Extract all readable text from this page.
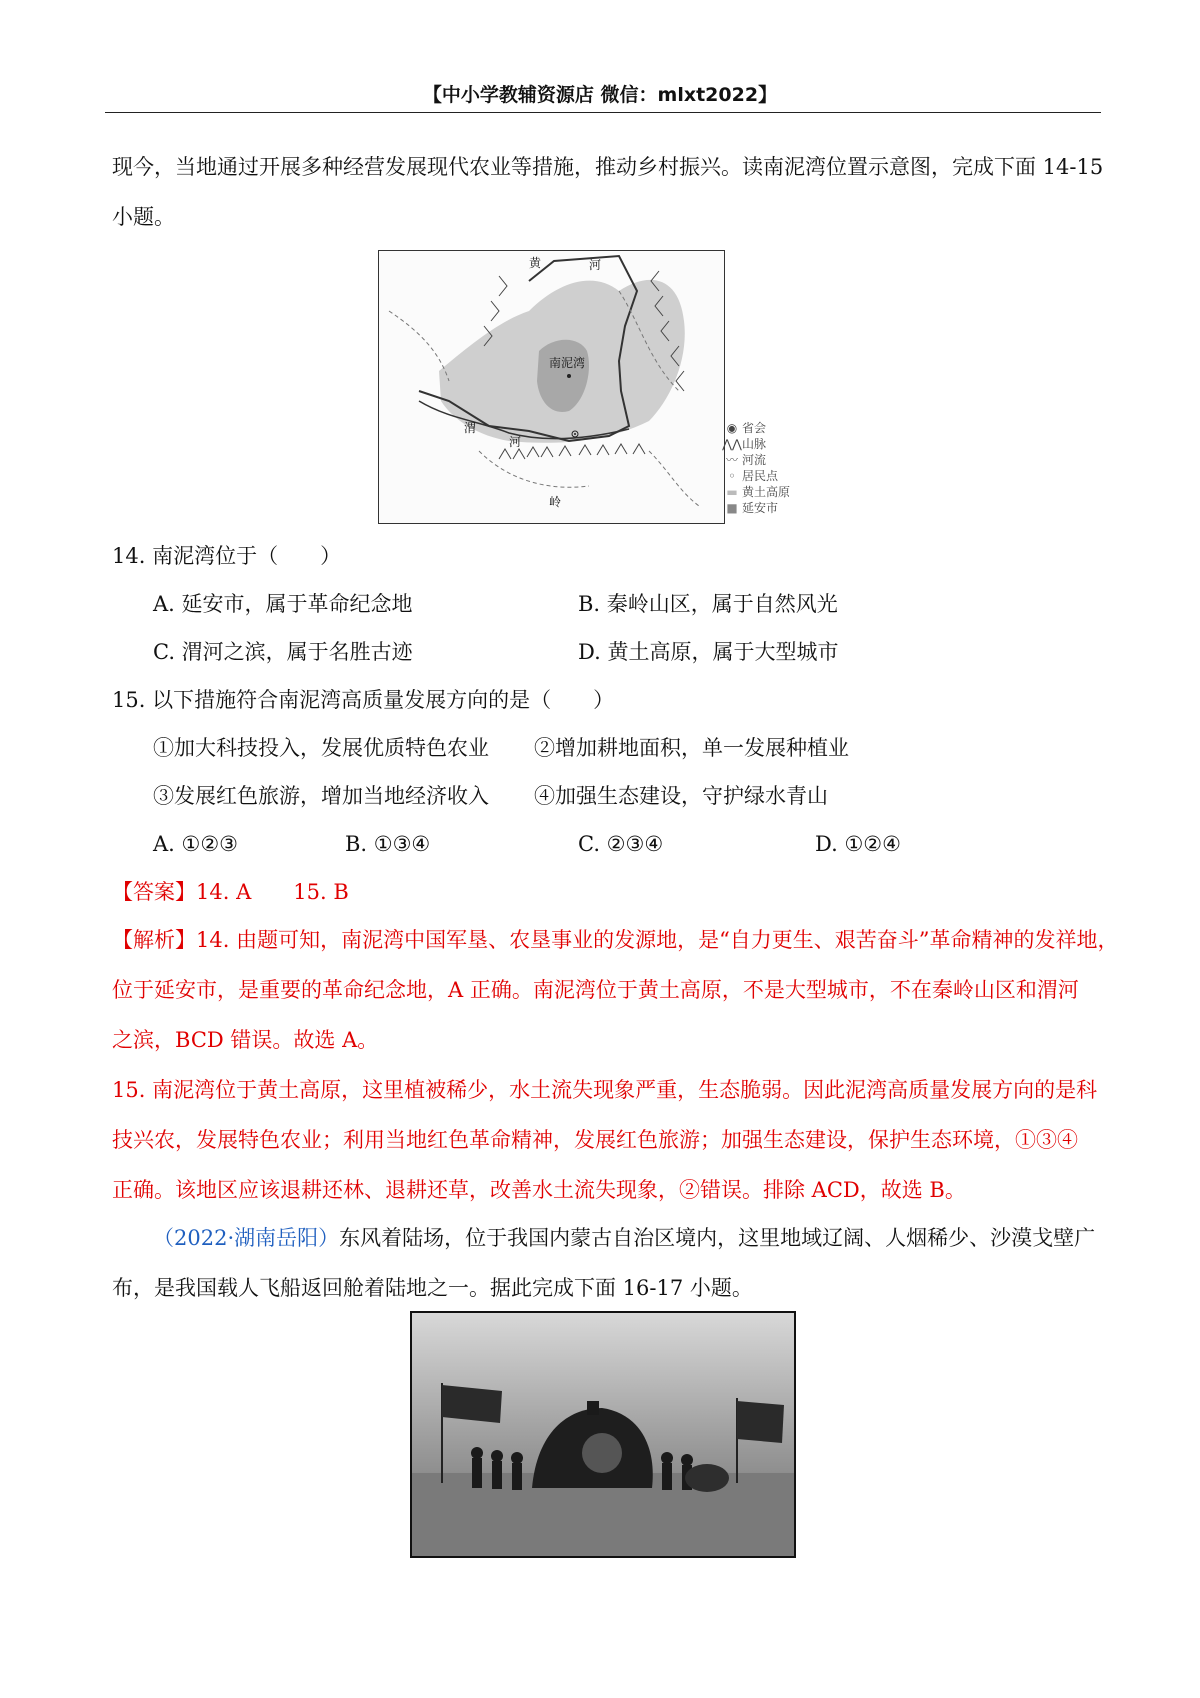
【中小学教辅资源店 微信：mlxt2022】
现今，当地通过开展多种经营发展现代农业等措施，推动乡村振兴。读南泥湾位置示意图，完成下面 14-15
小题。
黄	河
南泥湾
渭
河
岭
◉ 省会
⋀⋀山脉
〰 河流
◦ 居民点
▬ 黄土高原
■ 延安市
14. 南泥湾位于（　　）
A. 延安市，属于革命纪念地	B. 秦岭山区，属于自然风光
C. 渭河之滨，属于名胜古迹	D. 黄土高原，属于大型城市
15. 以下措施符合南泥湾高质量发展方向的是（　　）
①加大科技投入，发展优质特色农业 ②增加耕地面积，单一发展种植业
③发展红色旅游，增加当地经济收入 ④加强生态建设，守护绿水青山
A. ①②③	B. ①③④	C. ②③④	D. ①②④
【答案】14. A 15. B
【解析】14. 由题可知，南泥湾中国军垦、农垦事业的发源地，是“自力更生、艰苦奋斗”革命精神的发祥地，
位于延安市，是重要的革命纪念地，A 正确。南泥湾位于黄土高原，不是大型城市，不在秦岭山区和渭河
之滨，BCD 错误。故选 A。
15. 南泥湾位于黄土高原，这里植被稀少，水土流失现象严重，生态脆弱。因此泥湾高质量发展方向的是科
技兴农，发展特色农业；利用当地红色革命精神，发展红色旅游；加强生态建设，保护生态环境，①③④
正确。该地区应该退耕还林、退耕还草，改善水土流失现象，②错误。排除 ACD，故选 B。
（2022·湖南岳阳）东风着陆场，位于我国内蒙古自治区境内，这里地域辽阔、人烟稀少、沙漠戈壁广
布，是我国载人飞船返回舱着陆地之一。据此完成下面 16-17 小题。
